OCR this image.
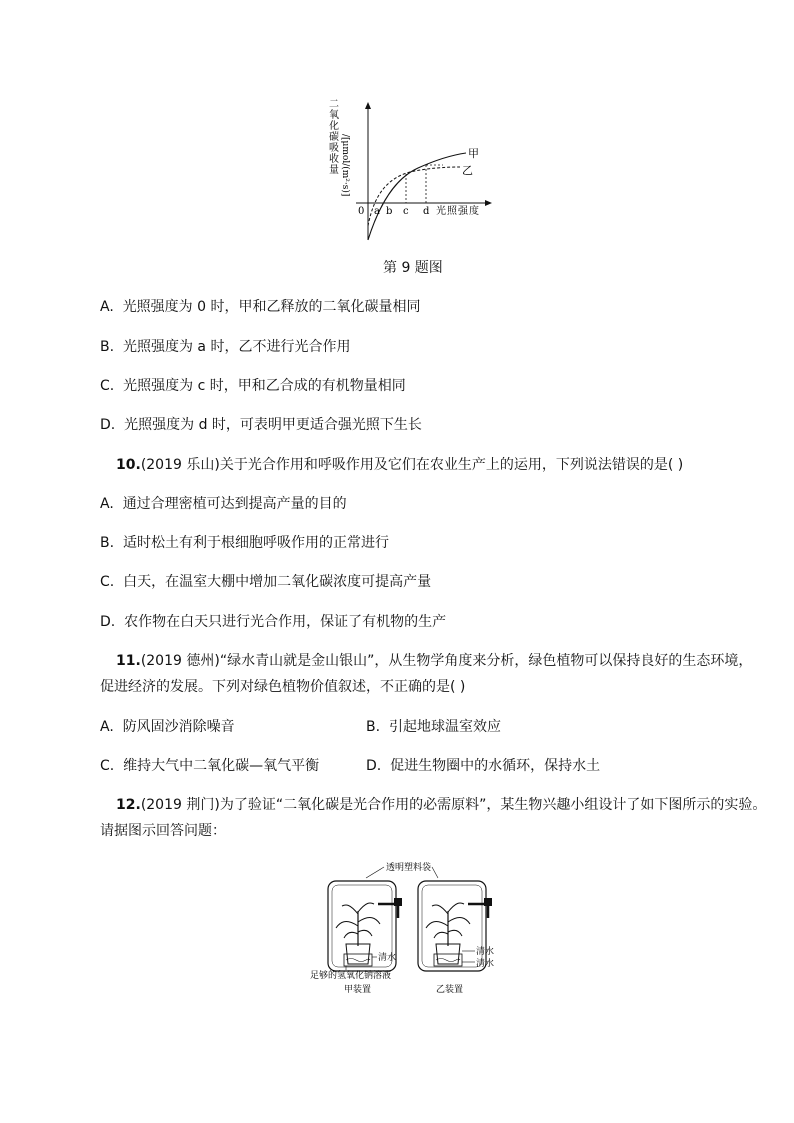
二氧化碳吸收量 /[μmol/(m²·s)]	甲
乙
0 a b c d 光照强度
第 9 题图
A. 光照强度为 0 时，甲和乙释放的二氧化碳量相同
B. 光照强度为 a 时，乙不进行光合作用
C. 光照强度为 c 时，甲和乙合成的有机物量相同
D. 光照强度为 d 时，可表明甲更适合强光照下生长
10.(2019 乐山)关于光合作用和呼吸作用及它们在农业生产上的运用，下列说法错误的是( )
A. 通过合理密植可达到提高产量的目的
B. 适时松土有利于根细胞呼吸作用的正常进行
C. 白天，在温室大棚中增加二氧化碳浓度可提高产量
D. 农作物在白天只进行光合作用，保证了有机物的生产
11.(2019 德州)“绿水青山就是金山银山”，从生物学角度来分析，绿色植物可以保持良好的生态环境，
促进经济的发展。下列对绿色植物价值叙述，不正确的是( )
A. 防风固沙消除噪音	B. 引起地球温室效应
C. 维持大气中二氧化碳—氧气平衡	D. 促进生物圈中的水循环，保持水土
12.(2019 荆门)为了验证“二氧化碳是光合作用的必需原料”，某生物兴趣小组设计了如下图所示的实验。
请据图示回答问题：
透明塑料袋
清水
清水
清水
足够的氢氧化钠溶液
甲装置	乙装置
